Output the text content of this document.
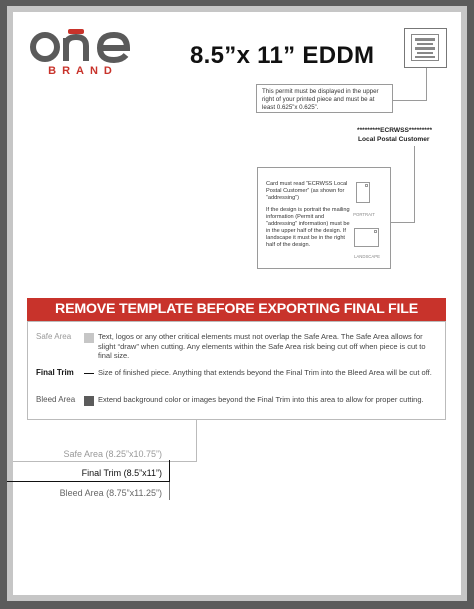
BRAND
8.5”x 11” EDDM
This permit must be displayed in the upper right of your printed piece and must be at least 0.625”x 0.625”.
*********ECRWSS*********
Local Postal Customer

Card must read “ECRWSS Local Postal Customer” (as shown for “addressing”)

If the design is portrait the mailing information (Permit and “addressing” information) must be in the upper half of the design. If landscape it must be in the right half of the design.

PORTRAIT
LANDSCAPE
REMOVE TEMPLATE BEFORE EXPORTING FINAL FILE
Safe Area	Text, logos or any other critical elements must not overlap the Safe Area. The Safe Area allows for slight “draw” when cutting. Any elements within the Safe Area risk being cut off when piece is cut to final size.
Final Trim	Size of finished piece. Anything that extends beyond the Final Trim into the Bleed Area will be cut off.
Bleed Area	Extend background color or images beyond the Final Trim into this area to allow for proper cutting.
Safe Area (8.25”x10.75”)
Final Trim (8.5”x11”)
Bleed Area (8.75”x11.25”)
